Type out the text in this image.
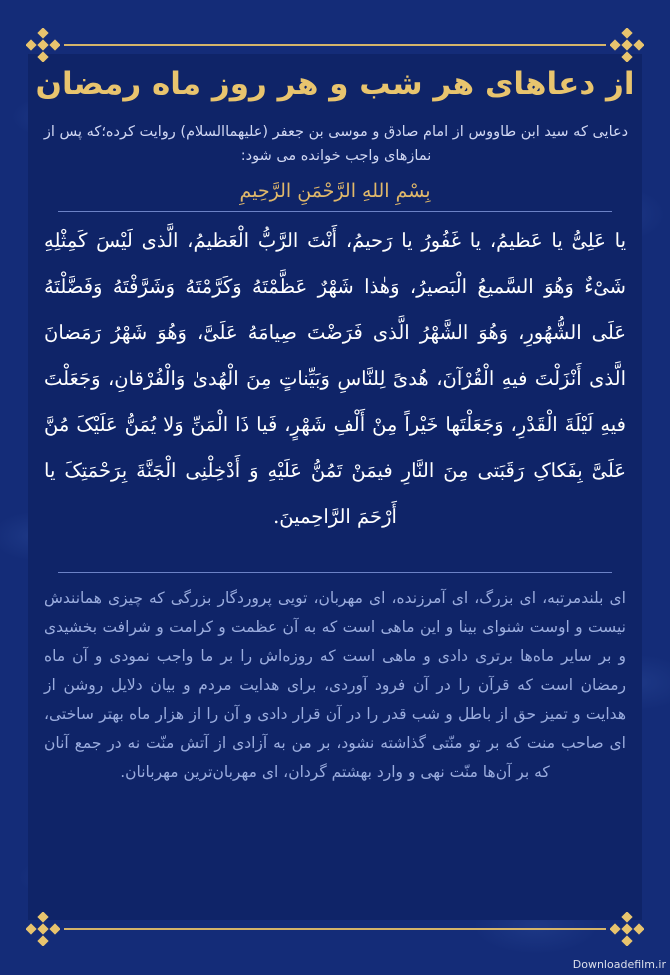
از دعاهای هر شب و هر روز ماه رمضان
دعایی که سید ابن طاووس از امام صادق و موسی بن جعفر (علیهما‌السلام) روایت کرده؛که پس از نمازهای واجب خوانده می شود:
بِسْمِ اللهِ الرَّحْمَنِ الرَّحِیمِ
یا عَلِیُّ یا عَظیمُ، یا غَفُورُ یا رَحیمُ، أَنْتَ الرَّبُّ الْعَظیمُ، الَّذی لَیْسَ کَمِثْلِهِ شَیْءٌ وَهُوَ السَّمیعُ الْبَصیرُ، وَهٰذا شَهْرٌ عَظَّمْتَهُ وَکَرَّمْتَهُ وَشَرَّفْتَهُ وَفَضَّلْتَهُ عَلَی الشُّهُورِ، وَهُوَ الشَّهْرُ الَّذی فَرَضْتَ صِیامَهُ عَلَیَّ، وَهُوَ شَهْرُ رَمَضانَ الَّذی أَنْزَلْتَ فیهِ الْقُرْآنَ، هُدیً لِلنَّاسِ وَبَیِّناتٍ مِنَ الْهُدیٰ وَالْفُرْقانِ، وَجَعَلْتَ فیهِ لَیْلَةَ الْقَدْرِ، وَجَعَلْتَها خَیْراً مِنْ أَلْفِ شَهْرٍ، فَیا ذَا الْمَنِّ وَلا یُمَنُّ عَلَیْکَ مُنَّ عَلَیَّ بِفَکاکِ رَقَبَتی مِنَ النَّارِ فیمَنْ تَمُنُّ عَلَیْهِ وَ أَدْخِلْنِی الْجَنَّةَ بِرَحْمَتِکَ یا أَرْحَمَ الرَّاحِمینَ.
ای بلندمرتبه، ای بزرگ، ای آمرزنده، ای مهربان، تویی پروردگار بزرگی که چیزی همانندش نیست و اوست شنوای بینا و این ماهی است که به آن عظمت و کرامت و شرافت بخشیدی و بر سایر ماه‌ها برتری دادی و ماهی است که روزه‌اش را بر ما واجب نمودی و آن ماه رمضان است که قرآن را در آن فرود آوردی، برای هدایت مردم و بیان دلایل روشن از هدایت و تمیز حق از باطل و شب قدر را در آن قرار دادی و آن را از هزار ماه بهتر ساختی، ای صاحب منت که بر تو منّتی گذاشته نشود، بر من به آزادی از آتش منّت نه در جمع آنان که بر آن‌ها منّت نهی و وارد بهشتم گردان، ای مهربان‌ترین مهربانان.
Downloadefilm.ir
